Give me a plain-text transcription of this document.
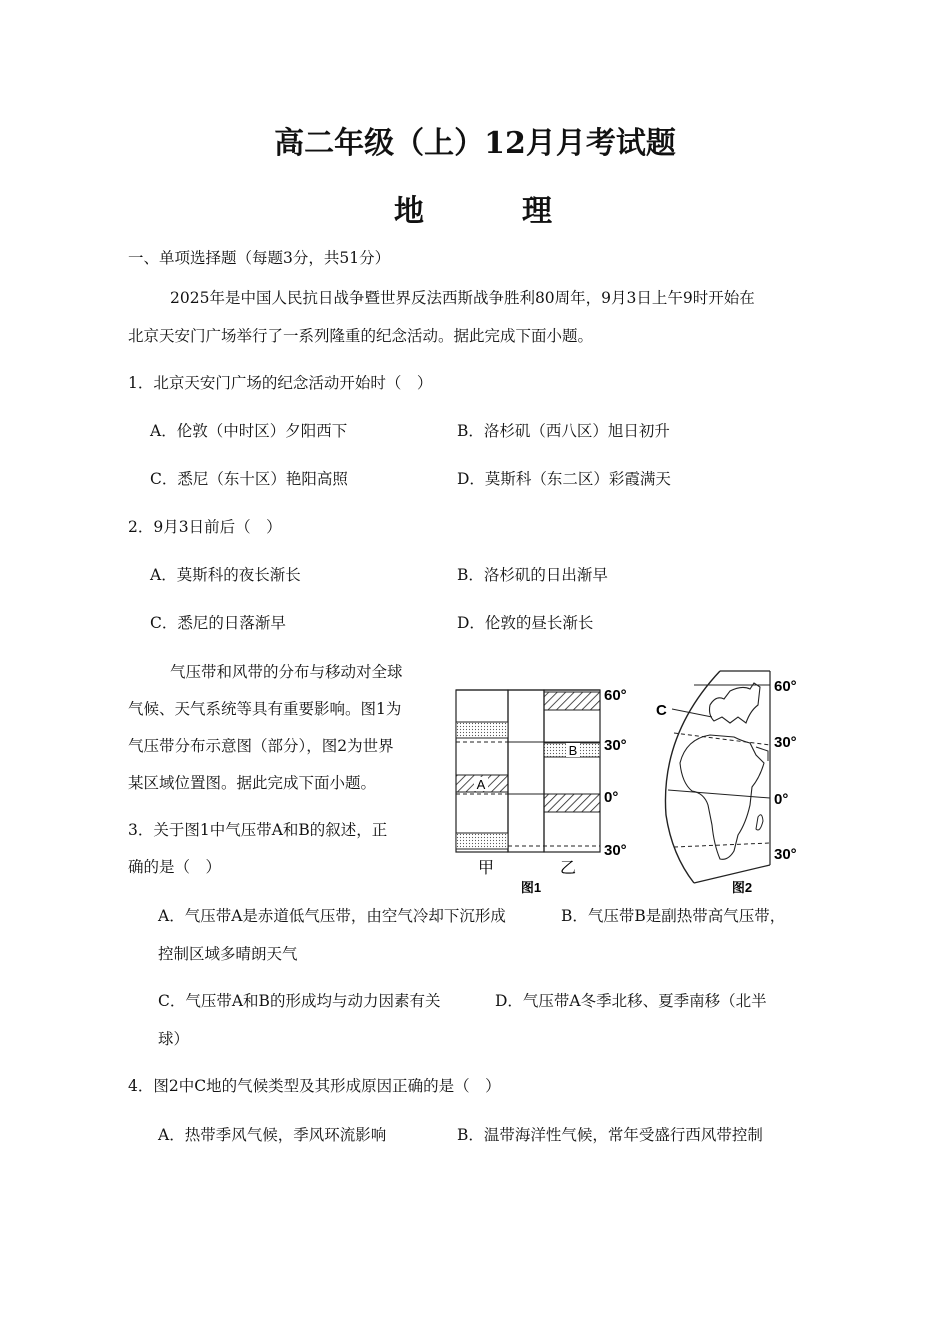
高二年级（上）12月月考试题
地　理
一、单项选择题（每题3分，共51分）
2025年是中国人民抗日战争暨世界反法西斯战争胜利80周年，9月3日上午9时开始在
北京天安门广场举行了一系列隆重的纪念活动。据此完成下面小题。
1．北京天安门广场的纪念活动开始时（　）
A．伦敦（中时区）夕阳西下	B．洛杉矶（西八区）旭日初升
C．悉尼（东十区）艳阳高照	D．莫斯科（东二区）彩霞满天
2．9月3日前后（　）
A．莫斯科的夜长渐长	B．洛杉矶的日出渐早
C．悉尼的日落渐早	D．伦敦的昼长渐长
气压带和风带的分布与移动对全球
气候、天气系统等具有重要影响。图1为
气压带分布示意图（部分），图2为世界
某区域位置图。据此完成下面小题。
3．关于图1中气压带A和B的叙述，正
确的是（　）
A
B
60°
30°
0°
30°
甲	乙
图1
C
60°
30°
0°
30°
图2
A．气压带A是赤道低气压带，由空气冷却下沉形成	B．气压带B是副热带高气压带，
控制区域多晴朗天气
C．气压带A和B的形成均与动力因素有关	D．气压带A冬季北移、夏季南移（北半
球）
4．图2中C地的气候类型及其形成原因正确的是（　）
A．热带季风气候，季风环流影响	B．温带海洋性气候，常年受盛行西风带控制
